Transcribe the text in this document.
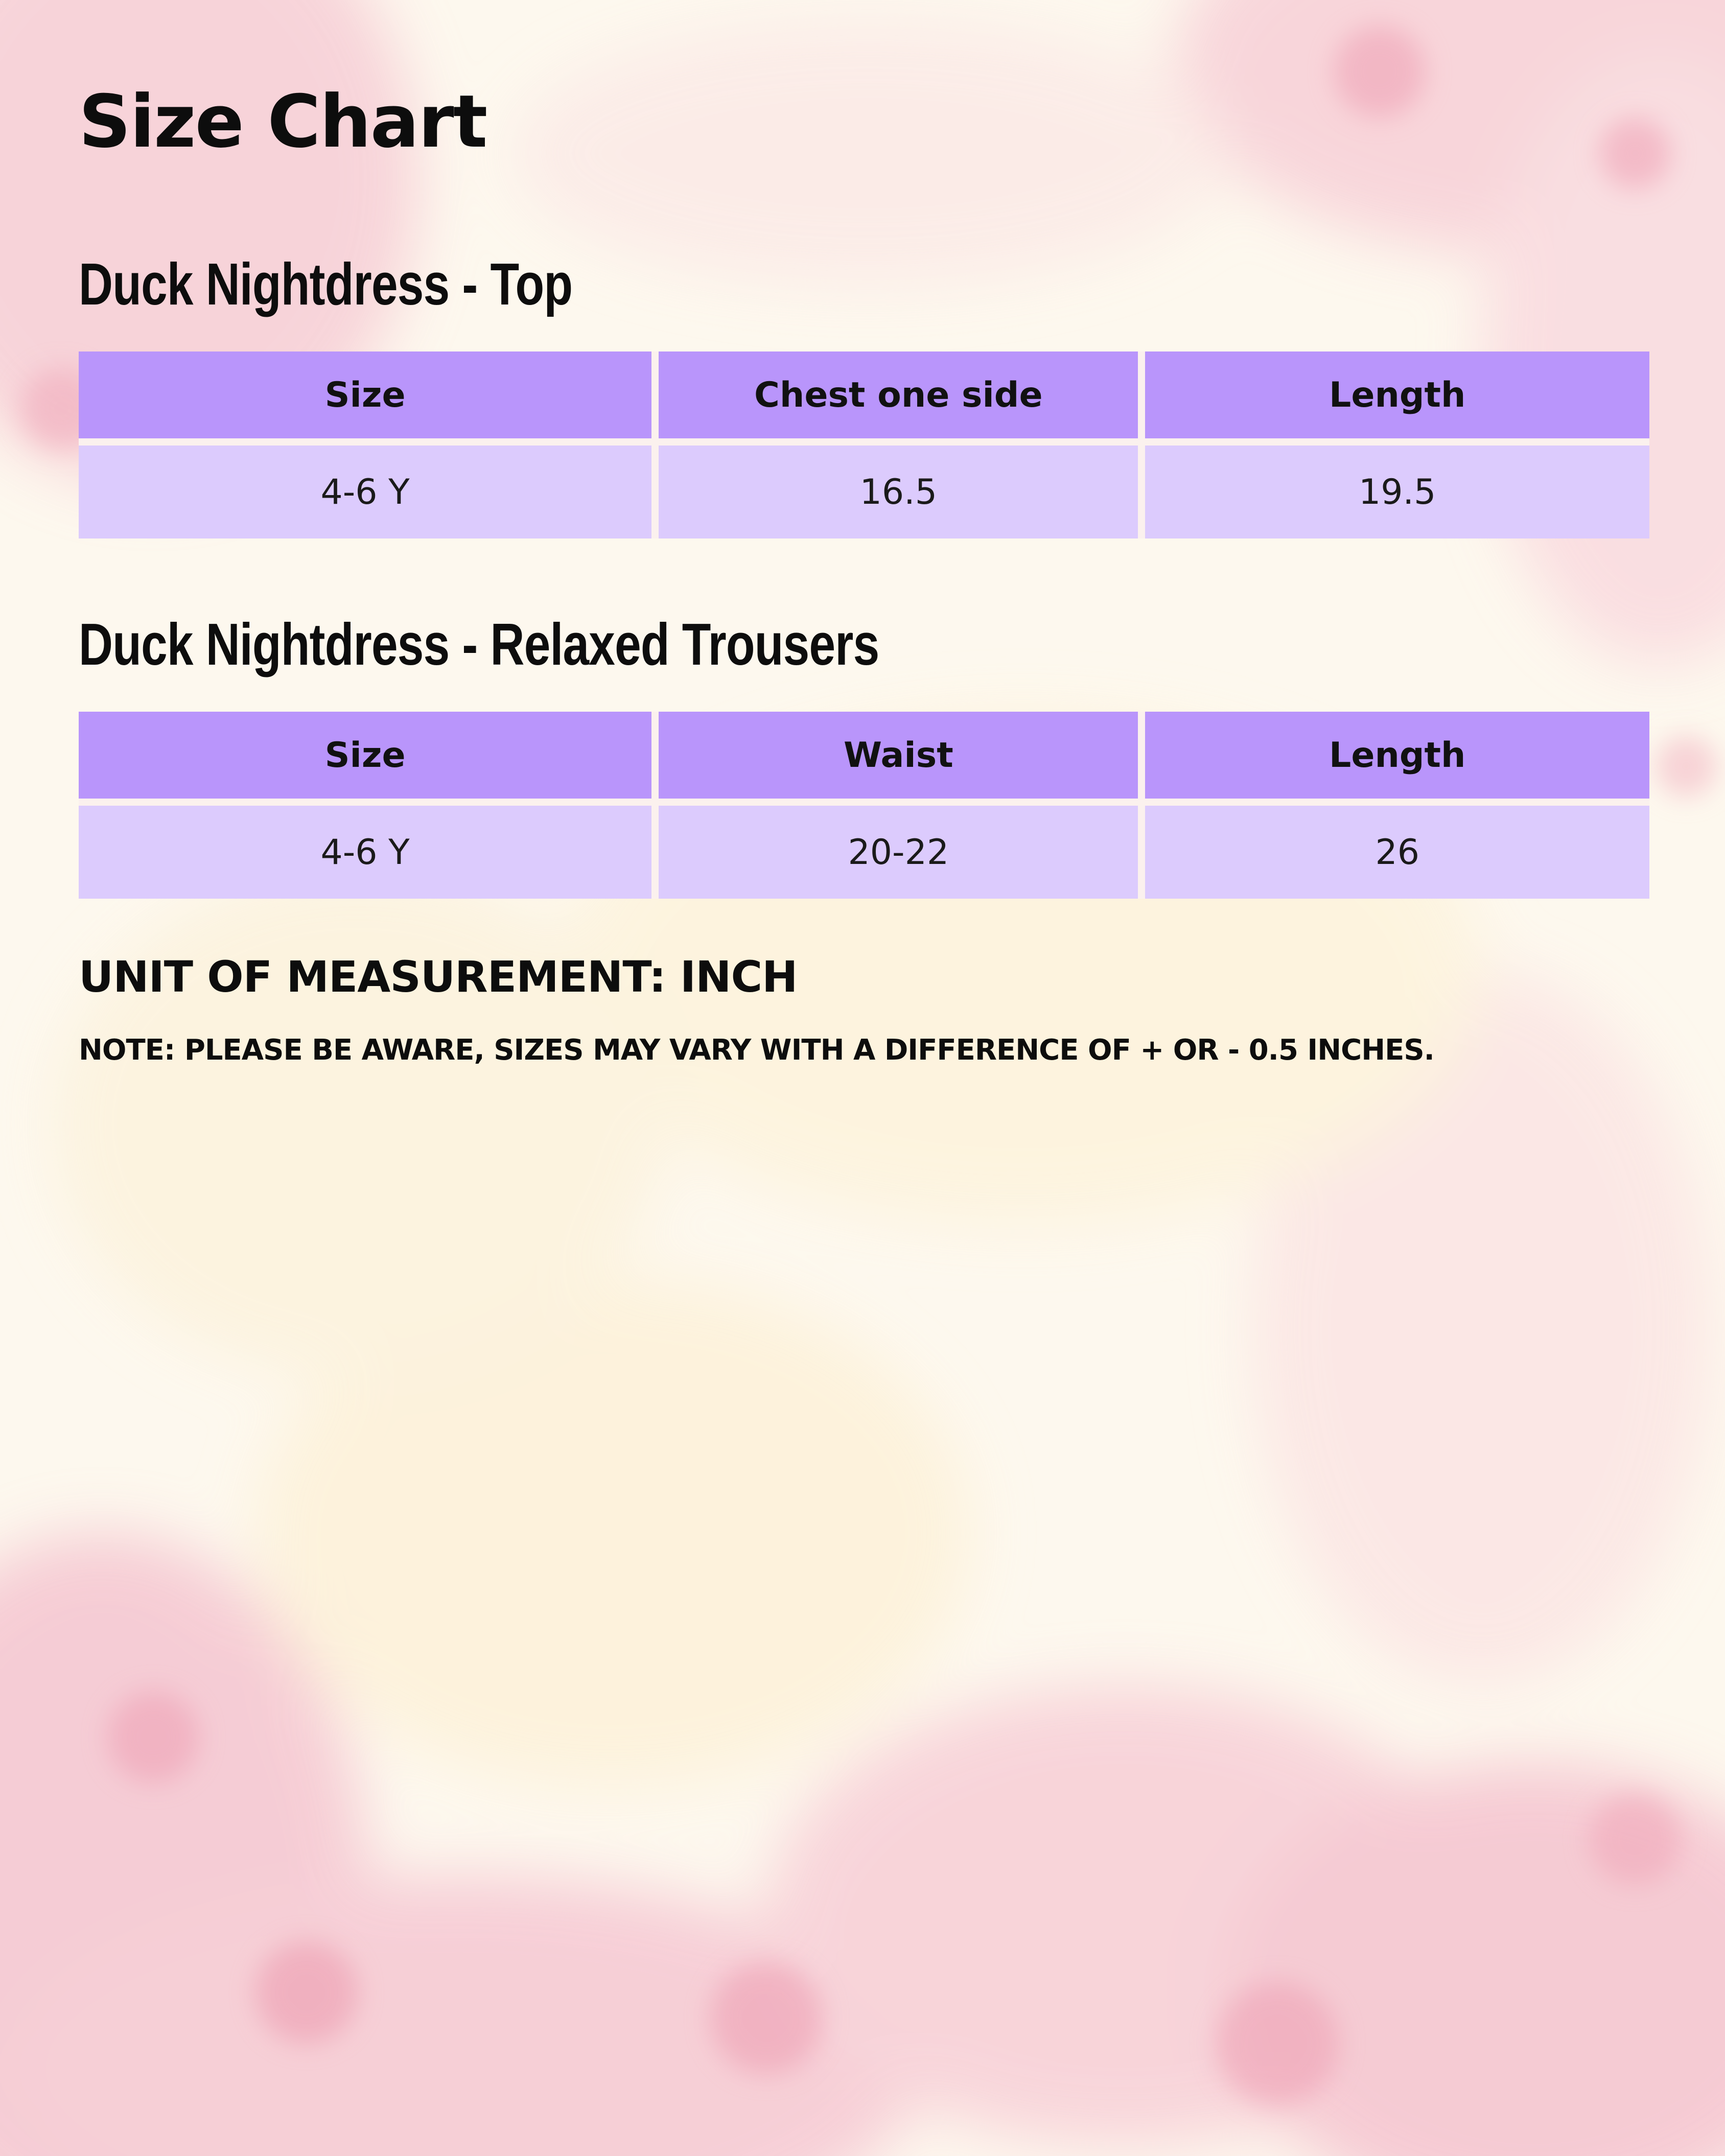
Size Chart
Duck Nightdress - Top
Size	Chest one side	Length
4-6 Y	16.5	19.5
Duck Nightdress - Relaxed Trousers
Size	Waist	Length
4-6 Y	20-22	26

UNIT OF MEASUREMENT: INCH

NOTE: PLEASE BE AWARE, SIZES MAY VARY WITH A DIFFERENCE OF + OR - 0.5 INCHES.
